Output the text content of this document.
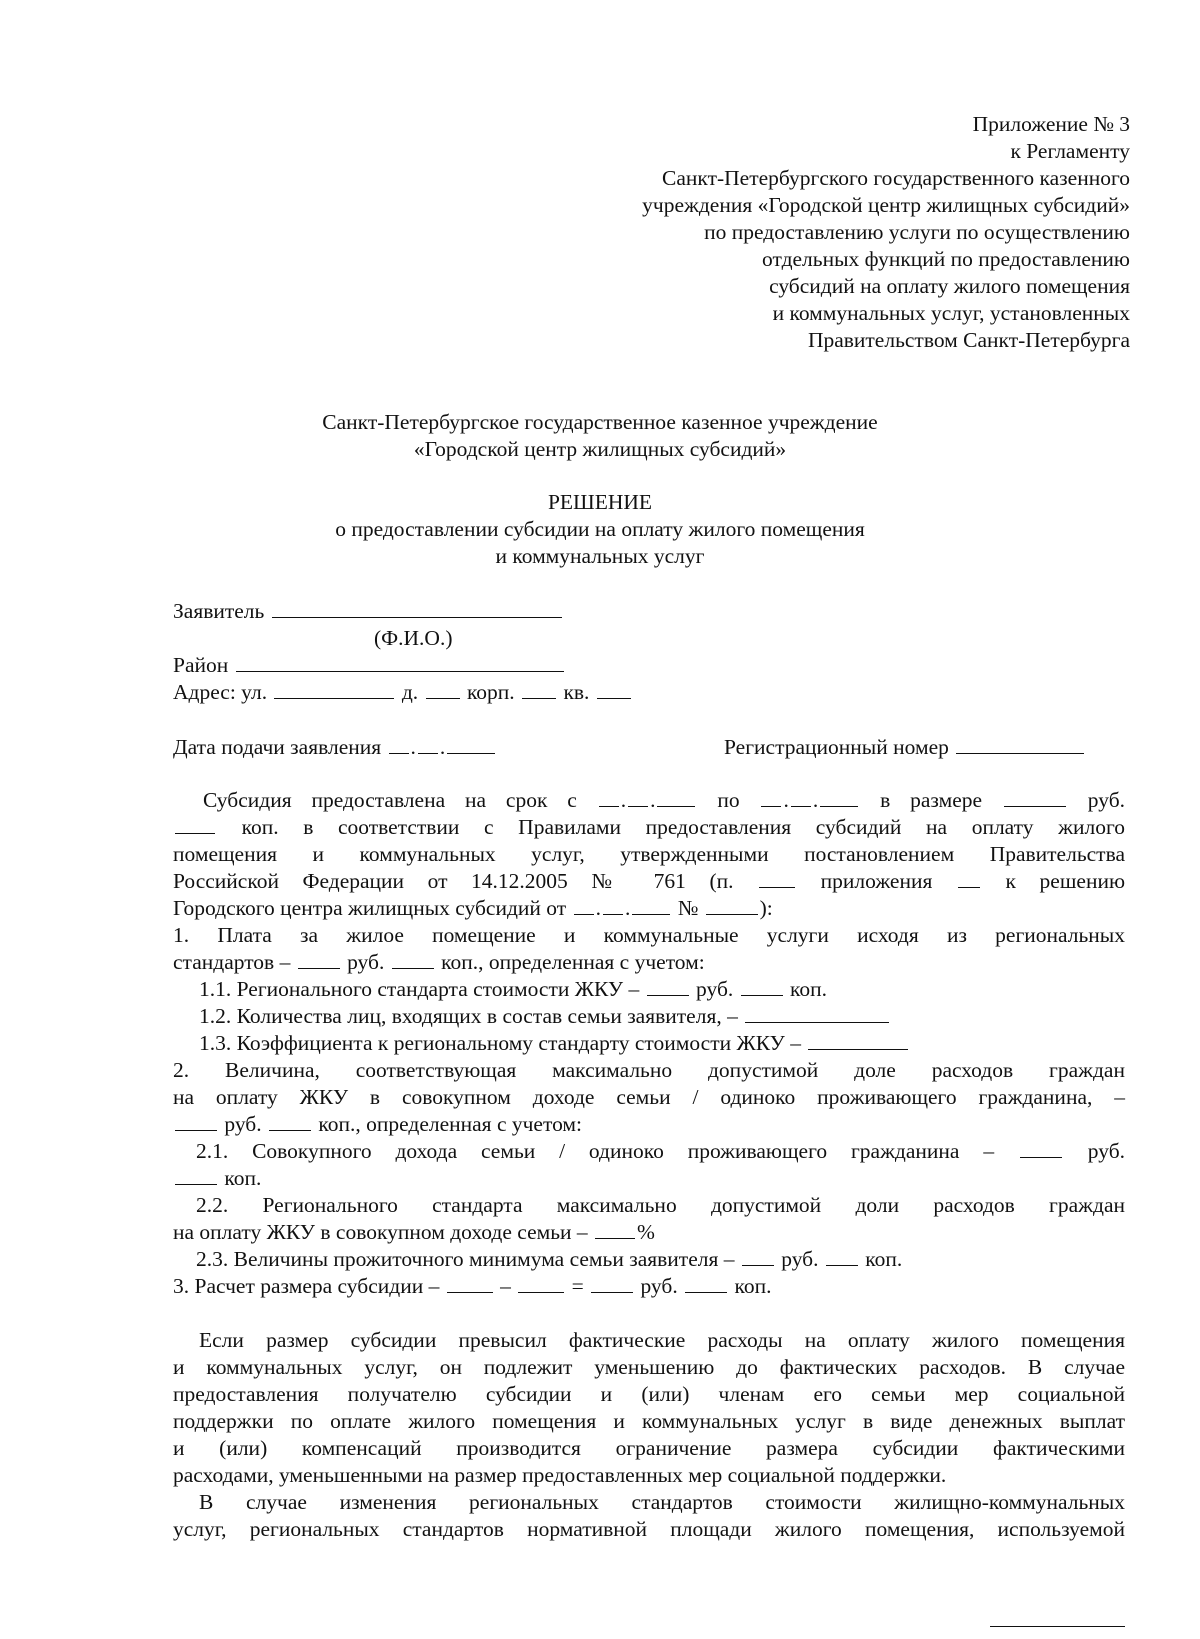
Приложение № 3
к Регламенту
Санкт-Петербургского государственного казенного
учреждения «Городской центр жилищных субсидий»
по предоставлению услуги по осуществлению
отдельных функций по предоставлению
субсидий на оплату жилого помещения
и коммунальных услуг, установленных
Правительством Санкт-Петербурга
Санкт-Петербургское государственное казенное учреждение
«Городской центр жилищных субсидий»
РЕШЕНИЕ
о предоставлении субсидии на оплату жилого помещения
и коммунальных услуг
Заявитель
(Ф.И.О.)
Район
Адрес: ул.	д. корп. кв.
Дата подачи заявления . .	Регистрационный номер
Субсидия предоставлена на срок с . .	по . .	в размере	руб.
коп. в соответствии с Правилами предоставления субсидий на оплату жилого
помещения и коммунальных услуг, утвержденными постановлением Правительства
Российской Федерации от 14.12.2005 № 761 (п.	приложения	к решению
Городского центра жилищных субсидий от . . №	):
1. Плата за жилое помещение и коммунальные услуги исходя из региональных
стандартов –	руб.	коп., определенная с учетом:
1.1. Регионального стандарта стоимости ЖКУ –	руб.	коп.
1.2. Количества лиц, входящих в состав семьи заявителя, –
1.3. Коэффициента к региональному стандарту стоимости ЖКУ –
2. Величина, соответствующая максимально допустимой доле расходов граждан
на оплату ЖКУ в совокупном доходе семьи / одиноко проживающего гражданина, –
руб.	коп., определенная с учетом:
2.1. Совокупного дохода семьи / одиноко проживающего гражданина –	руб.
коп.
2.2. Регионального стандарта максимально допустимой доли расходов граждан
на оплату ЖКУ в совокупном доходе семьи – %
2.3. Величины прожиточного минимума семьи заявителя – руб. коп.
3. Расчет размера субсидии –	–	=	руб.	коп.
Если размер субсидии превысил фактические расходы на оплату жилого помещения
и коммунальных услуг, он подлежит уменьшению до фактических расходов. В случае
предоставления получателю субсидии и (или) членам его семьи мер социальной
поддержки по оплате жилого помещения и коммунальных услуг в виде денежных выплат
и (или) компенсаций производится ограничение размера субсидии фактическими
расходами, уменьшенными на размер предоставленных мер социальной поддержки.
В случае изменения региональных стандартов стоимости жилищно-коммунальных
услуг, региональных стандартов нормативной площади жилого помещения, используемой
